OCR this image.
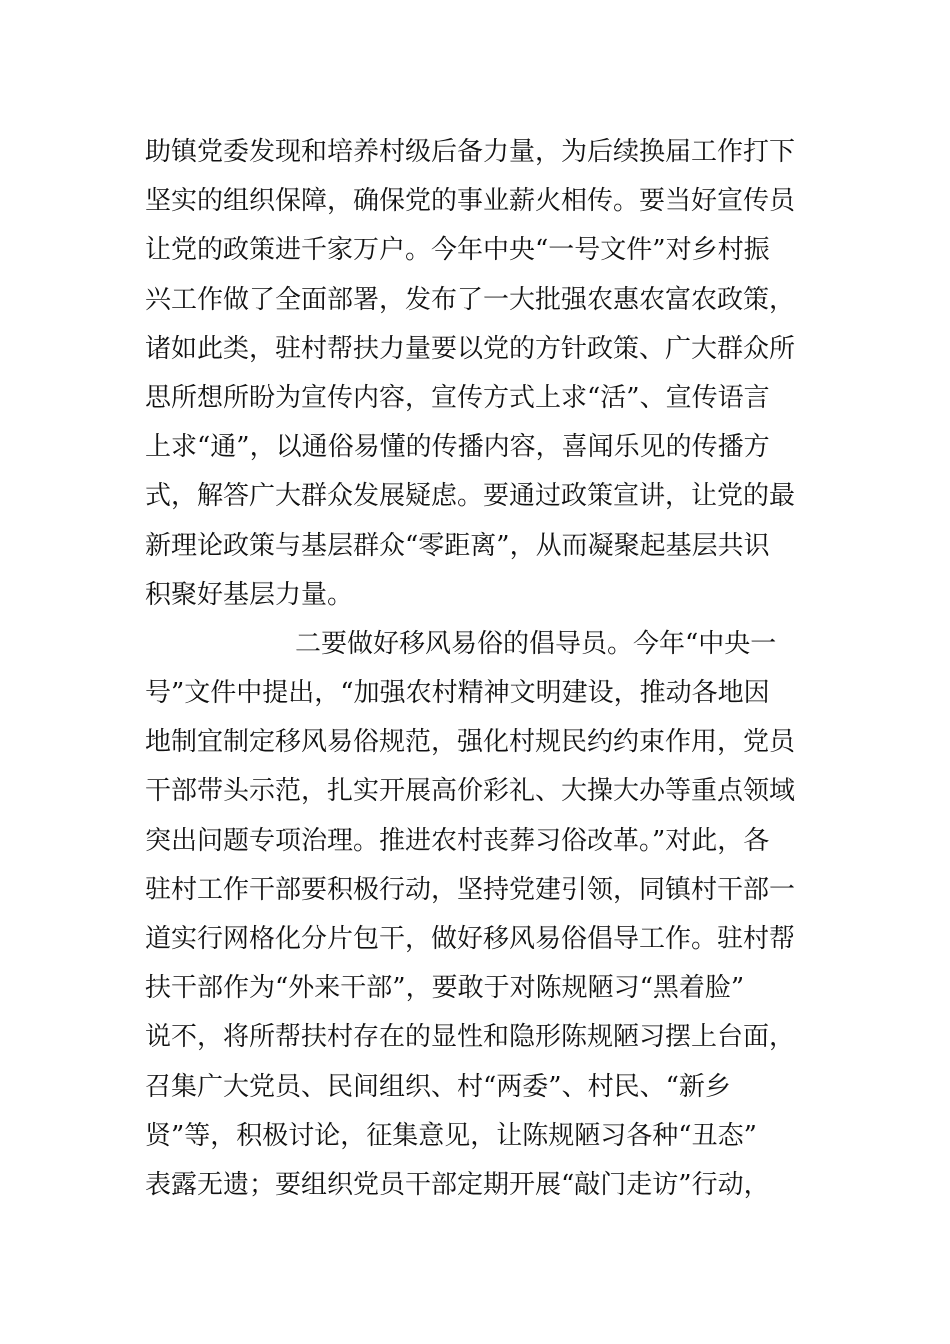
助镇党委发现和培养村级后备力量，为后续换届工作打下
坚实的组织保障，确保党的事业薪火相传。要当好宣传员
让党的政策进千家万户。今年中央“一号文件”对乡村振
兴工作做了全面部署，发布了一大批强农惠农富农政策，
诸如此类，驻村帮扶力量要以党的方针政策、广大群众所
思所想所盼为宣传内容，宣传方式上求“活”、宣传语言
上求“通”，以通俗易懂的传播内容，喜闻乐见的传播方
式，解答广大群众发展疑虑。要通过政策宣讲，让党的最
新理论政策与基层群众“零距离”，从而凝聚起基层共识
积聚好基层力量。
二要做好移风易俗的倡导员。今年“中央一
号”文件中提出，“加强农村精神文明建设，推动各地因
地制宜制定移风易俗规范，强化村规民约约束作用，党员
干部带头示范，扎实开展高价彩礼、大操大办等重点领域
突出问题专项治理。推进农村丧葬习俗改革。”对此，各
驻村工作干部要积极行动，坚持党建引领，同镇村干部一
道实行网格化分片包干，做好移风易俗倡导工作。驻村帮
扶干部作为“外来干部”，要敢于对陈规陋习“黑着脸”
说不，将所帮扶村存在的显性和隐形陈规陋习摆上台面，
召集广大党员、民间组织、村“两委”、村民、“新乡
贤”等，积极讨论，征集意见，让陈规陋习各种“丑态”
表露无遗；要组织党员干部定期开展“敲门走访”行动，
